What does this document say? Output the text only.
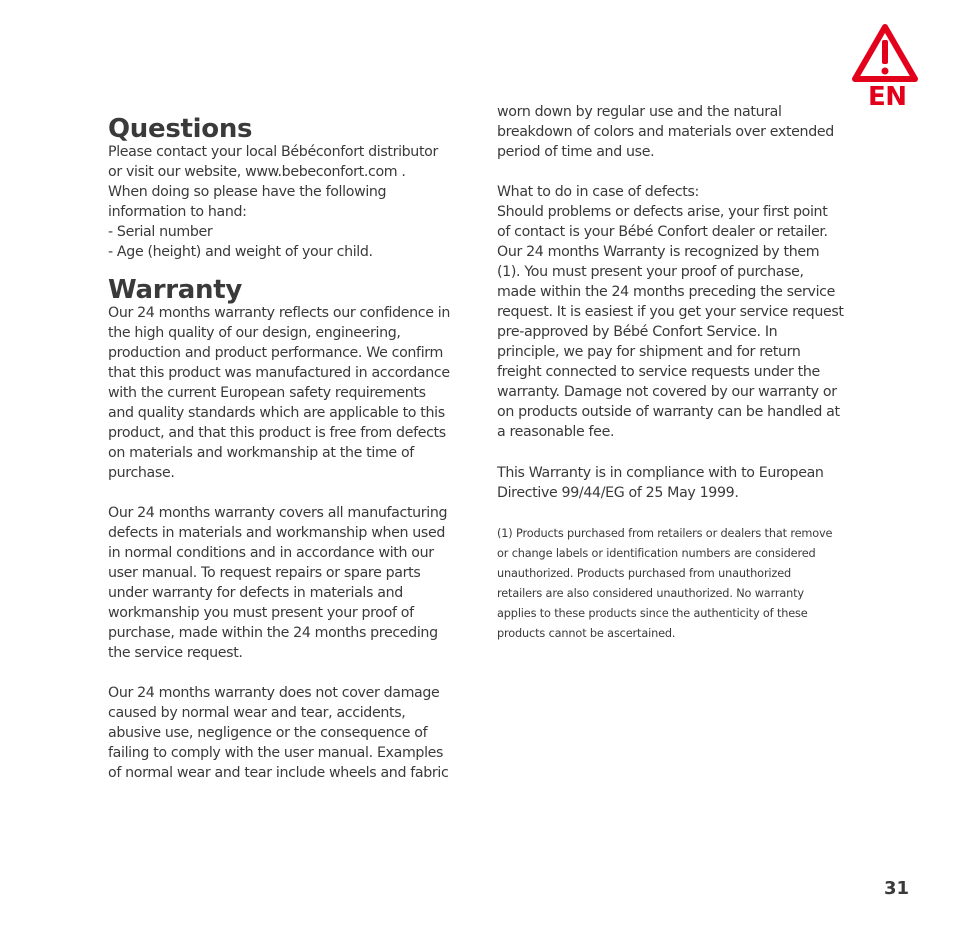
EN
Questions

Please contact your local Bébéconfort distributor
or visit our website, www.bebeconfort.com .
When doing so please have the following
information to hand:
- Serial number
- Age (height) and weight of your child.

Warranty

Our 24 months warranty reflects our confidence in
the high quality of our design, engineering,
production and product performance. We confirm
that this product was manufactured in accordance
with the current European safety requirements
and quality standards which are applicable to this
product, and that this product is free from defects
on materials and workmanship at the time of
purchase.

Our 24 months warranty covers all manufacturing
defects in materials and workmanship when used
in normal conditions and in accordance with our
user manual. To request repairs or spare parts
under warranty for defects in materials and
workmanship you must present your proof of
purchase, made within the 24 months preceding
the service request.

Our 24 months warranty does not cover damage
caused by normal wear and tear, accidents,
abusive use, negligence or the consequence of
failing to comply with the user manual. Examples
of normal wear and tear include wheels and fabric

worn down by regular use and the natural
breakdown of colors and materials over extended
period of time and use.

What to do in case of defects:
Should problems or defects arise, your first point
of contact is your Bébé Confort dealer or retailer.
Our 24 months Warranty is recognized by them
(1). You must present your proof of purchase,
made within the 24 months preceding the service
request. It is easiest if you get your service request
pre-approved by Bébé Confort Service. In
principle, we pay for shipment and for return
freight connected to service requests under the
warranty. Damage not covered by our warranty or
on products outside of warranty can be handled at
a reasonable fee.

This Warranty is in compliance with to European
Directive 99/44/EG of 25 May 1999.

(1) Products purchased from retailers or dealers that remove
or change labels or identification numbers are considered
unauthorized. Products purchased from unauthorized
retailers are also considered unauthorized. No warranty
applies to these products since the authenticity of these
products cannot be ascertained.

31
